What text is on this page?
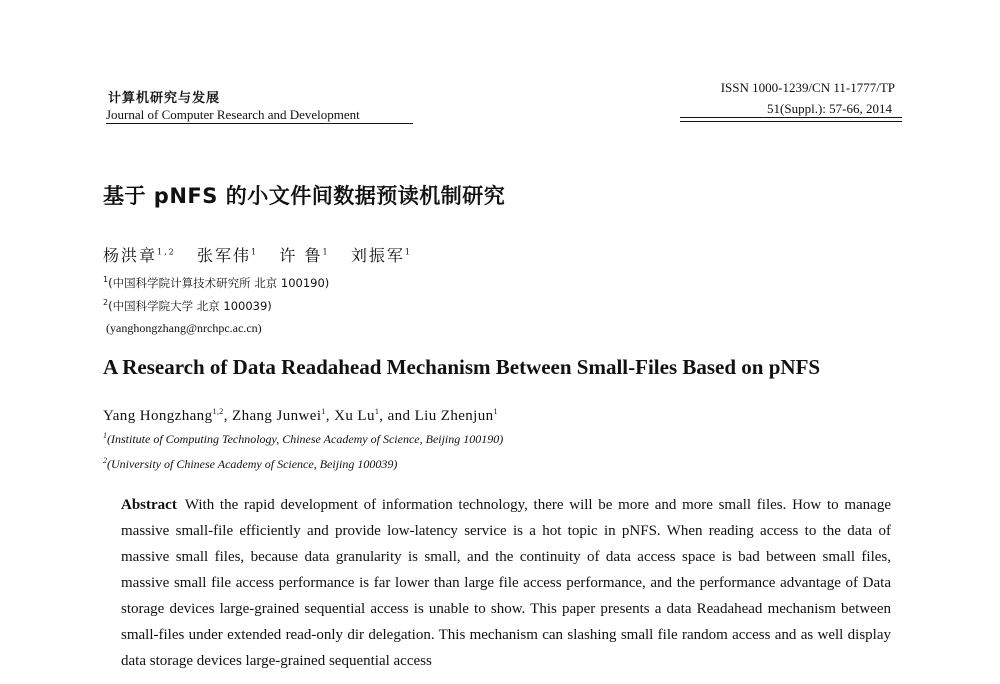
计算机研究与发展
Journal of Computer Research and Development
ISSN 1000-1239/CN 11-1777/TP
51(Suppl.): 57-66, 2014
基于 pNFS 的小文件间数据预读机制研究
杨洪章$^{1,2}$ 张军伟$^1$ 许 鲁$^1$ 刘振军$^1$
$^1$(中国科学院计算技术研究所 北京 100190)
$^2$(中国科学院大学 北京 100039)
(yanghongzhang@nrchpc.ac.cn)
A Research of Data Readahead Mechanism Between Small-Files Based on pNFS
Yang Hongzhang$^{1,2}$, Zhang Junwei$^1$, Xu Lu$^1$, and Liu Zhenjun$^1$
$^1$(Institute of Computing Technology, Chinese Academy of Science, Beijing 100190)
$^2$(University of Chinese Academy of Science, Beijing 100039)
Abstract With the rapid development of information technology, there will be more and more small files. How to manage massive small-file efficiently and provide low-latency service is a hot topic in pNFS. When reading access to the data of massive small files, because data granularity is small, and the continuity of data access space is bad between small files, massive small file access performance is far lower than large file access performance, and the performance advantage of Data storage devices large-grained sequential access is unable to show. This paper presents a data Readahead mechanism between small-files under extended read-only dir delegation. This mechanism can slashing small file random access and as well display data storage devices large-grained sequential access
